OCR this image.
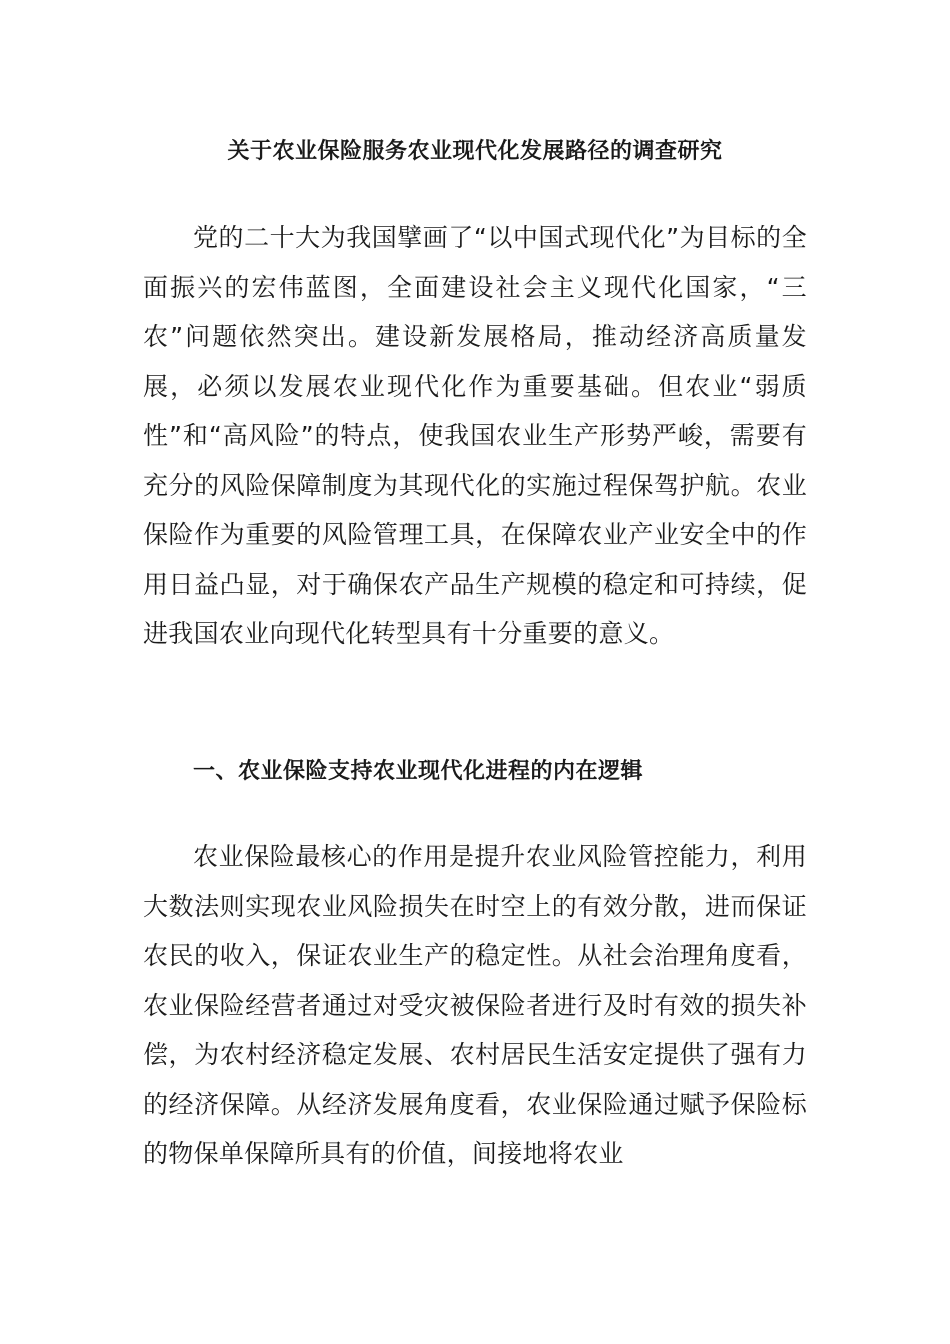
关于农业保险服务农业现代化发展路径的调查研究

党的二十大为我国擘画了“以中国式现代化”为目标的全面振兴的宏伟蓝图，全面建设社会主义现代化国家，“三农”问题依然突出。建设新发展格局，推动经济高质量发展，必须以发展农业现代化作为重要基础。但农业“弱质性”和“高风险”的特点，使我国农业生产形势严峻，需要有充分的风险保障制度为其现代化的实施过程保驾护航。农业保险作为重要的风险管理工具，在保障农业产业安全中的作用日益凸显，对于确保农产品生产规模的稳定和可持续，促进我国农业向现代化转型具有十分重要的意义。

一、农业保险支持农业现代化进程的内在逻辑

农业保险最核心的作用是提升农业风险管控能力，利用大数法则实现农业风险损失在时空上的有效分散，进而保证农民的收入，保证农业生产的稳定性。从社会治理角度看，农业保险经营者通过对受灾被保险者进行及时有效的损失补偿，为农村经济稳定发展、农村居民生活安定提供了强有力的经济保障。从经济发展角度看，农业保险通过赋予保险标的物保单保障所具有的价值，间接地将农业
